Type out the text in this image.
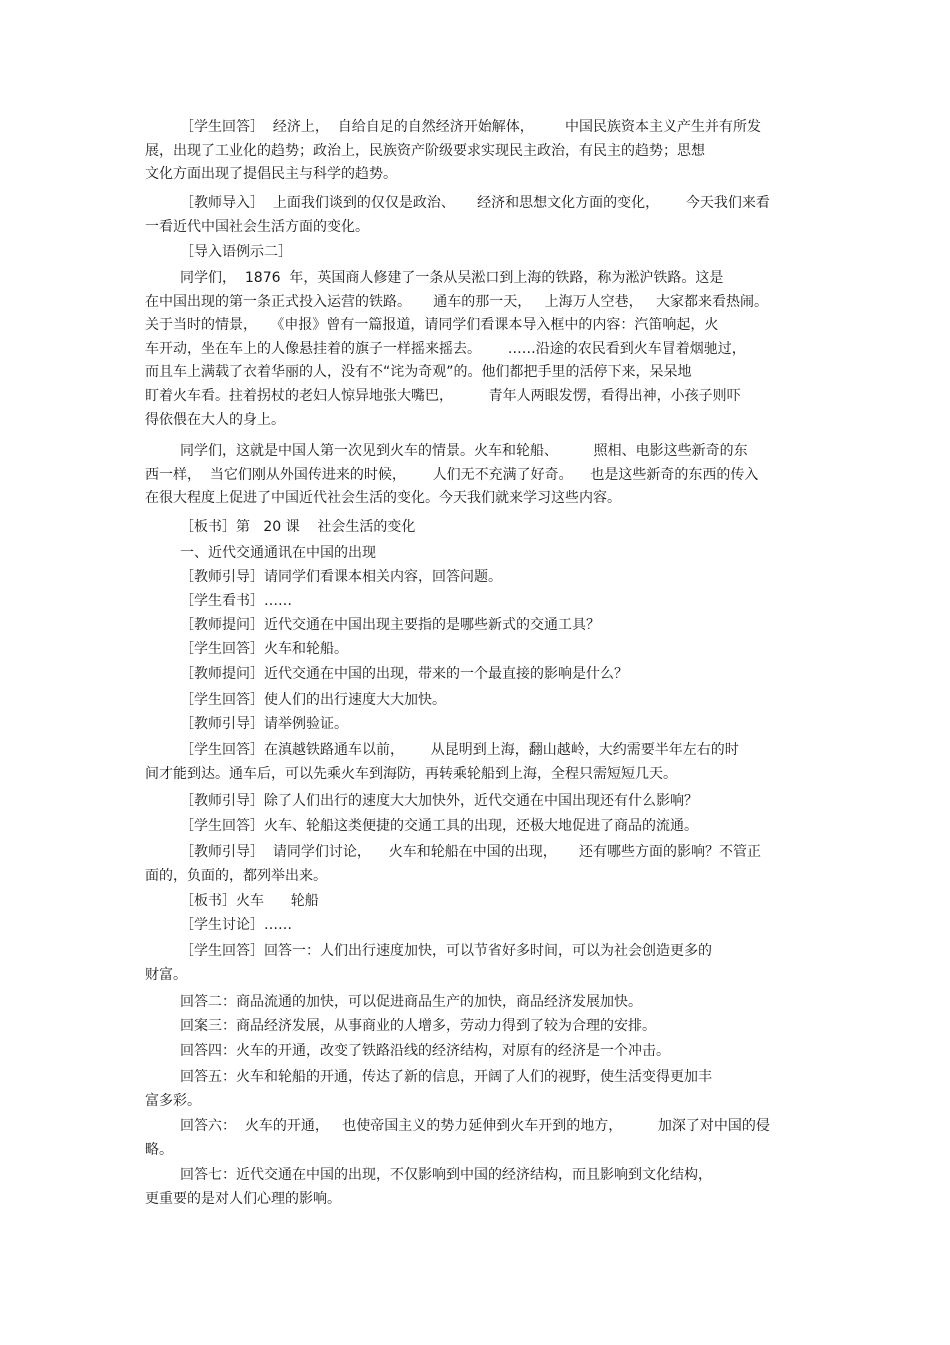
［学生回答］  经济上，  自给自足的自然经济开始解体，       中国民族资本主义产生并有所发
展，出现了工业化的趋势；政治上，民族资产阶级要求实现民主政治，有民主的趋势；思想
文化方面出现了提倡民主与科学的趋势。
［教师导入］  上面我们谈到的仅仅是政治、     经济和思想文化方面的变化，      今天我们来看
一看近代中国社会生活方面的变化。
［导入语例示二］
同学们，  1876  年，英国商人修建了一条从吴淞口到上海的铁路，称为淞沪铁路。这是
在中国出现的第一条正式投入运营的铁路。     通车的那一天，   上海万人空巷，   大家都来看热闹。
关于当时的情景，   《申报》曾有一篇报道，请同学们看课本导入框中的内容：汽笛响起，火
车开动，坐在车上的人像悬挂着的旗子一样摇来摇去。      ……沿途的农民看到火车冒着烟驰过，
而且车上满载了衣着华丽的人，没有不“诧为奇观”的。他们都把手里的活停下来，呆呆地
盯着火车看。拄着拐杖的老妇人惊异地张大嘴巴，        青年人两眼发愣，看得出神，小孩子则吓
得依偎在大人的身上。
同学们，这就是中国人第一次见到火车的情景。火车和轮船、        照相、电影这些新奇的东
西一样，  当它们刚从外国传进来的时候，      人们无不充满了好奇。    也是这些新奇的东西的传入
在很大程度上促进了中国近代社会生活的变化。今天我们就来学习这些内容。
［板书］第   20 课    社会生活的变化
一、近代交通通讯在中国的出现
［教师引导］请同学们看课本相关内容，回答问题。
［学生看书］……
［教师提问］近代交通在中国出现主要指的是哪些新式的交通工具？
［学生回答］火车和轮船。
［教师提问］近代交通在中国的出现，带来的一个最直接的影响是什么？
［学生回答］使人们的出行速度大大加快。
［教师引导］请举例验证。
［学生回答］在滇越铁路通车以前，      从昆明到上海，翻山越岭，大约需要半年左右的时
间才能到达。通车后，可以先乘火车到海防，再转乘轮船到上海，全程只需短短几天。
［教师引导］除了人们出行的速度大大加快外，近代交通在中国出现还有什么影响？
［学生回答］火车、轮船这类便捷的交通工具的出现，还极大地促进了商品的流通。
［教师引导］  请同学们讨论，    火车和轮船在中国的出现，     还有哪些方面的影响？不管正
面的，负面的，都列举出来。
［板书］火车      轮船
［学生讨论］……
［学生回答］回答一：人们出行速度加快，可以节省好多时间，可以为社会创造更多的
财富。
回答二：商品流通的加快，可以促进商品生产的加快，商品经济发展加快。
回案三：商品经济发展，从事商业的人增多，劳动力得到了较为合理的安排。
回答四：火车的开通，改变了铁路沿线的经济结构，对原有的经济是一个冲击。
回答五：火车和轮船的开通，传达了新的信息，开阔了人们的视野，使生活变得更加丰
富多彩。
回答六：  火车的开通，   也使帝国主义的势力延伸到火车开到的地方，        加深了对中国的侵
略。
回答七：近代交通在中国的出现，不仅影响到中国的经济结构，而且影响到文化结构，
更重要的是对人们心理的影响。
